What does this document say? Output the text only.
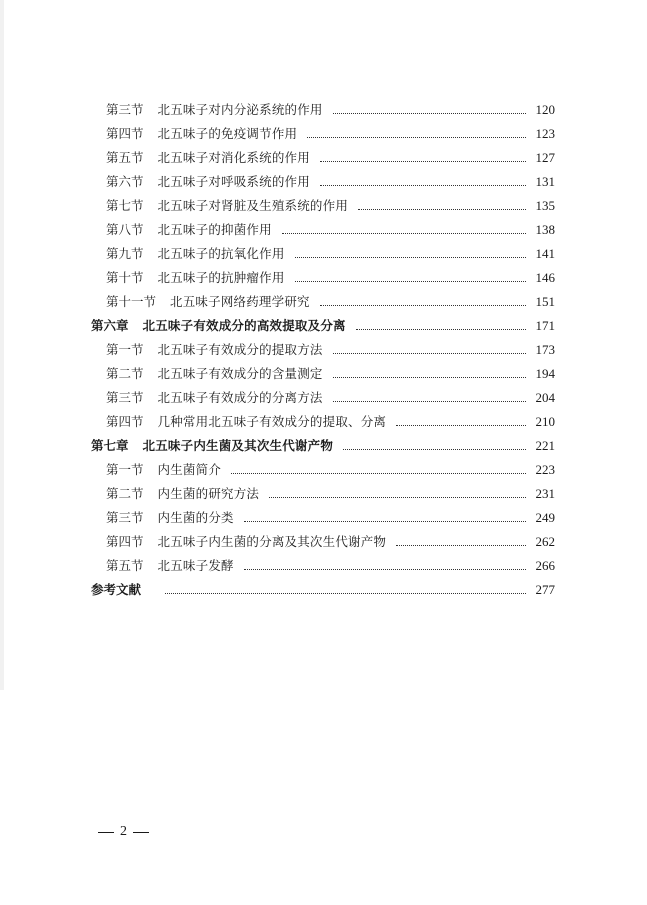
第三节 北五味子对内分泌系统的作用	120
第四节 北五味子的免疫调节作用	123
第五节 北五味子对消化系统的作用	127
第六节 北五味子对呼吸系统的作用	131
第七节 北五味子对肾脏及生殖系统的作用	135
第八节 北五味子的抑菌作用	138
第九节 北五味子的抗氧化作用	141
第十节 北五味子的抗肿瘤作用	146
第十一节 北五味子网络药理学研究	151
第六章 北五味子有效成分的高效提取及分离	171
第一节 北五味子有效成分的提取方法	173
第二节 北五味子有效成分的含量测定	194
第三节 北五味子有效成分的分离方法	204
第四节 几种常用北五味子有效成分的提取、分离	210
第七章 北五味子内生菌及其次生代谢产物	221
第一节 内生菌简介	223
第二节 内生菌的研究方法	231
第三节 内生菌的分类	249
第四节 北五味子内生菌的分离及其次生代谢产物	262
第五节 北五味子发酵	266
参考文献	277
2
